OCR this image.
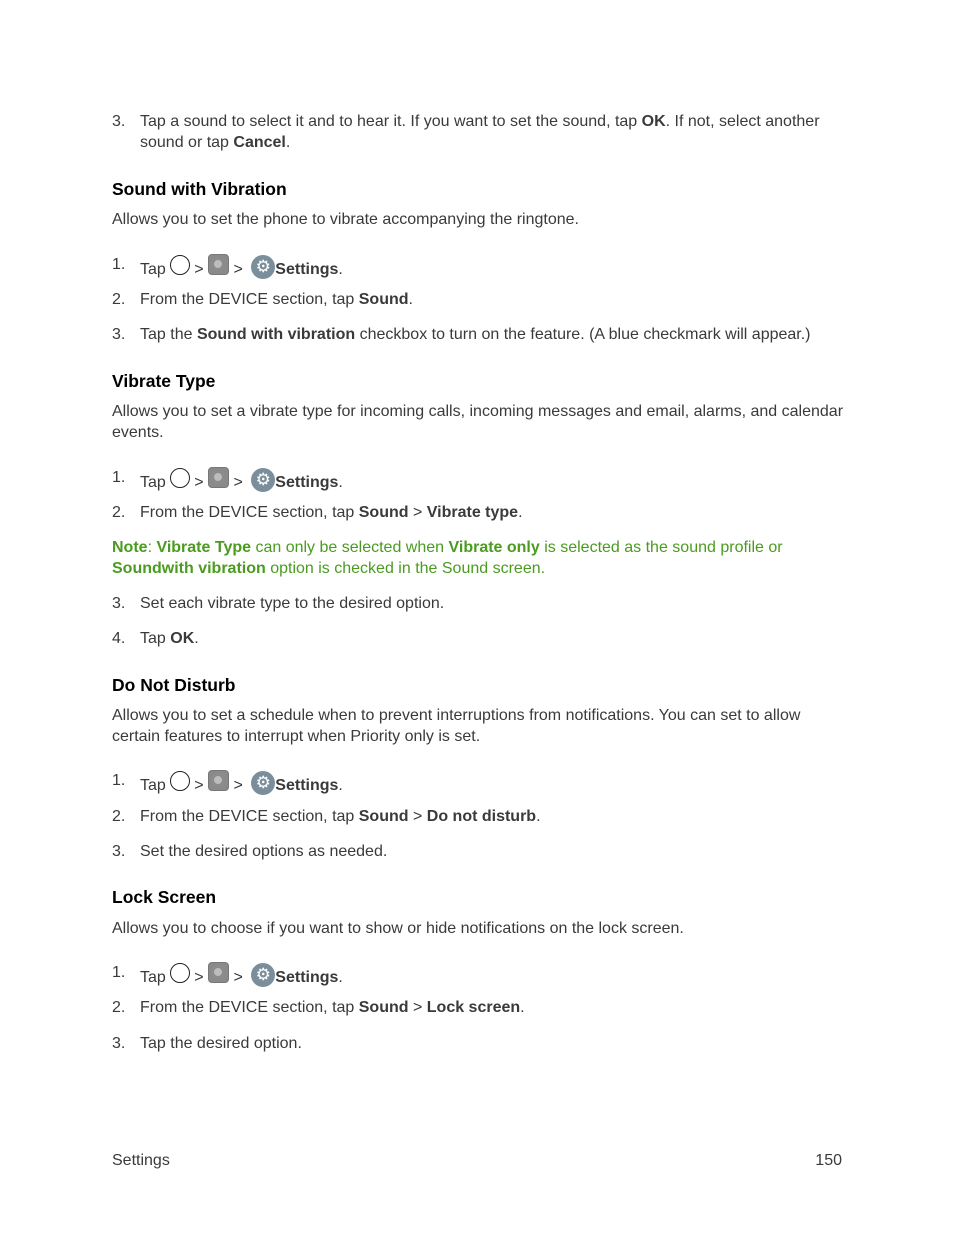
3. Tap a sound to select it and to hear it. If you want to set the sound, tap OK. If not, select another sound or tap Cancel.
Sound with Vibration
Allows you to set the phone to vibrate accompanying the ringtone.
1. Tap > > ⚙ Settings.
2. From the DEVICE section, tap Sound.
3. Tap the Sound with vibration checkbox to turn on the feature. (A blue checkmark will appear.)
Vibrate Type
Allows you to set a vibrate type for incoming calls, incoming messages and email, alarms, and calendar events.
1. Tap > > ⚙ Settings.
2. From the DEVICE section, tap Sound > Vibrate type.
Note: Vibrate Type can only be selected when Vibrate only is selected as the sound profile or Soundwith vibration option is checked in the Sound screen.
3. Set each vibrate type to the desired option.
4. Tap OK.
Do Not Disturb
Allows you to set a schedule when to prevent interruptions from notifications. You can set to allow certain features to interrupt when Priority only is set.
1. Tap > > ⚙ Settings.
2. From the DEVICE section, tap Sound > Do not disturb.
3. Set the desired options as needed.
Lock Screen
Allows you to choose if you want to show or hide notifications on the lock screen.
1. Tap > > ⚙ Settings.
2. From the DEVICE section, tap Sound > Lock screen.
3. Tap the desired option.
Settings	150
